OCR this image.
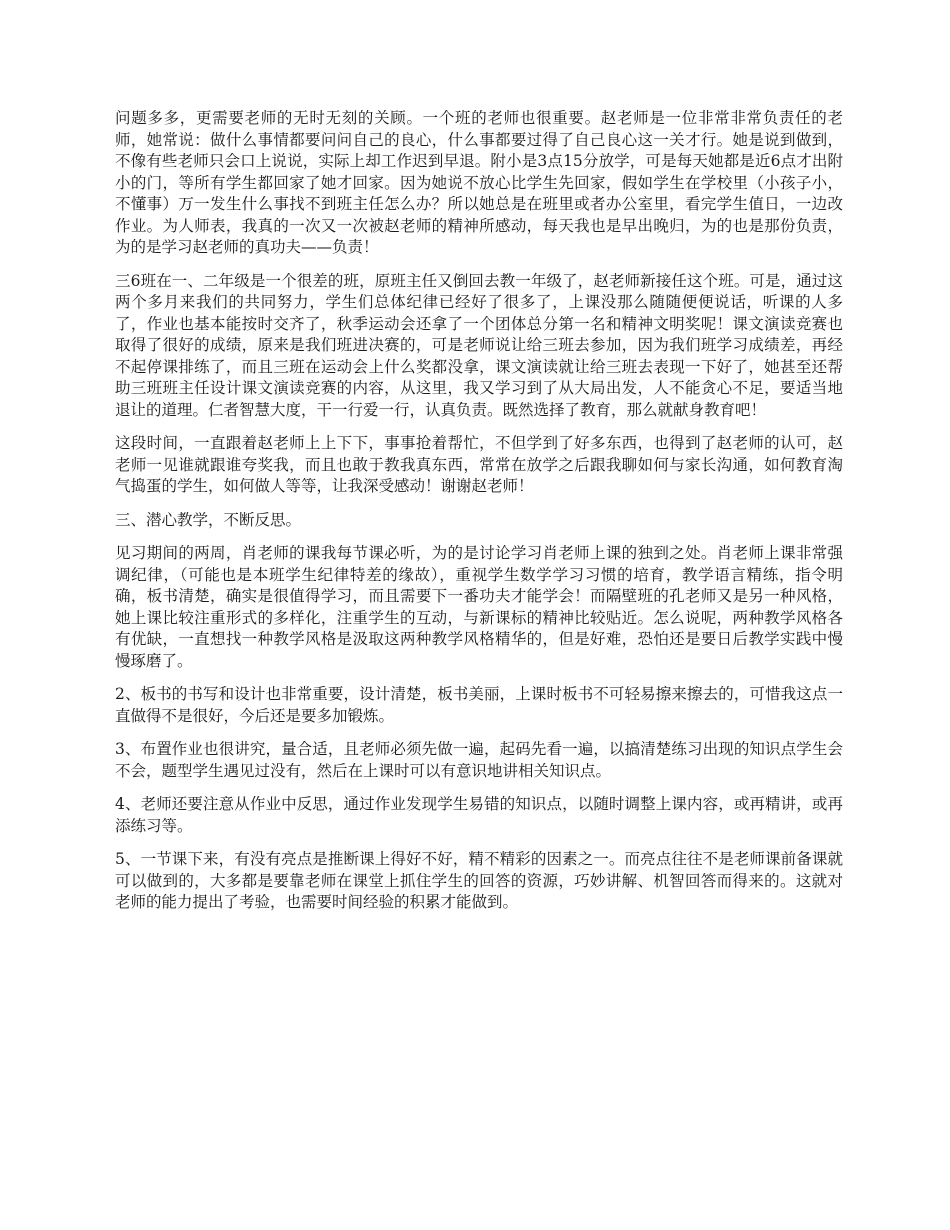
问题多多，更需要老师的无时无刻的关顾。一个班的老师也很重要。赵老师是一位非常非常负责任的老师，她常说：做什么事情都要问问自己的良心，什么事都要过得了自己良心这一关才行。她是说到做到，不像有些老师只会口上说说，实际上却工作迟到早退。附小是3点15分放学，可是每天她都是近6点才出附小的门，等所有学生都回家了她才回家。因为她说不放心比学生先回家，假如学生在学校里（小孩子小，不懂事）万一发生什么事找不到班主任怎么办？所以她总是在班里或者办公室里，看完学生值日，一边改作业。为人师表，我真的一次又一次被赵老师的精神所感动，每天我也是早出晚归，为的也是那份负责，为的是学习赵老师的真功夫——负责！

三6班在一、二年级是一个很差的班，原班主任又倒回去教一年级了，赵老师新接任这个班。可是，通过这两个多月来我们的共同努力，学生们总体纪律已经好了很多了，上课没那么随随便便说话，听课的人多了，作业也基本能按时交齐了，秋季运动会还拿了一个团体总分第一名和精神文明奖呢！课文演读竞赛也取得了很好的成绩，原来是我们班进决赛的，可是老师说让给三班去参加，因为我们班学习成绩差，再经不起停课排练了，而且三班在运动会上什么奖都没拿，课文演读就让给三班去表现一下好了，她甚至还帮助三班班主任设计课文演读竞赛的内容，从这里，我又学习到了从大局出发，人不能贪心不足，要适当地退让的道理。仁者智慧大度，干一行爱一行，认真负责。既然选择了教育，那么就献身教育吧！

这段时间，一直跟着赵老师上上下下，事事抢着帮忙，不但学到了好多东西，也得到了赵老师的认可，赵老师一见谁就跟谁夸奖我，而且也敢于教我真东西，常常在放学之后跟我聊如何与家长沟通，如何教育淘气捣蛋的学生，如何做人等等，让我深受感动！谢谢赵老师！

三、潜心教学，不断反思。

见习期间的两周，肖老师的课我每节课必听，为的是讨论学习肖老师上课的独到之处。肖老师上课非常强调纪律，（可能也是本班学生纪律特差的缘故），重视学生数学学习习惯的培育，教学语言精练，指令明确，板书清楚，确实是很值得学习，而且需要下一番功夫才能学会！而隔壁班的孔老师又是另一种风格，她上课比较注重形式的多样化，注重学生的互动，与新课标的精神比较贴近。怎么说呢，两种教学风格各有优缺，一直想找一种教学风格是汲取这两种教学风格精华的，但是好难，恐怕还是要日后教学实践中慢慢琢磨了。

2、板书的书写和设计也非常重要，设计清楚，板书美丽，上课时板书不可轻易擦来擦去的，可惜我这点一直做得不是很好，今后还是要多加锻炼。

3、布置作业也很讲究，量合适，且老师必须先做一遍，起码先看一遍，以搞清楚练习出现的知识点学生会不会，题型学生遇见过没有，然后在上课时可以有意识地讲相关知识点。

4、老师还要注意从作业中反思，通过作业发现学生易错的知识点，以随时调整上课内容，或再精讲，或再添练习等。

5、一节课下来，有没有亮点是推断课上得好不好，精不精彩的因素之一。而亮点往往不是老师课前备课就可以做到的，大多都是要靠老师在课堂上抓住学生的回答的资源，巧妙讲解、机智回答而得来的。这就对老师的能力提出了考验，也需要时间经验的积累才能做到。
